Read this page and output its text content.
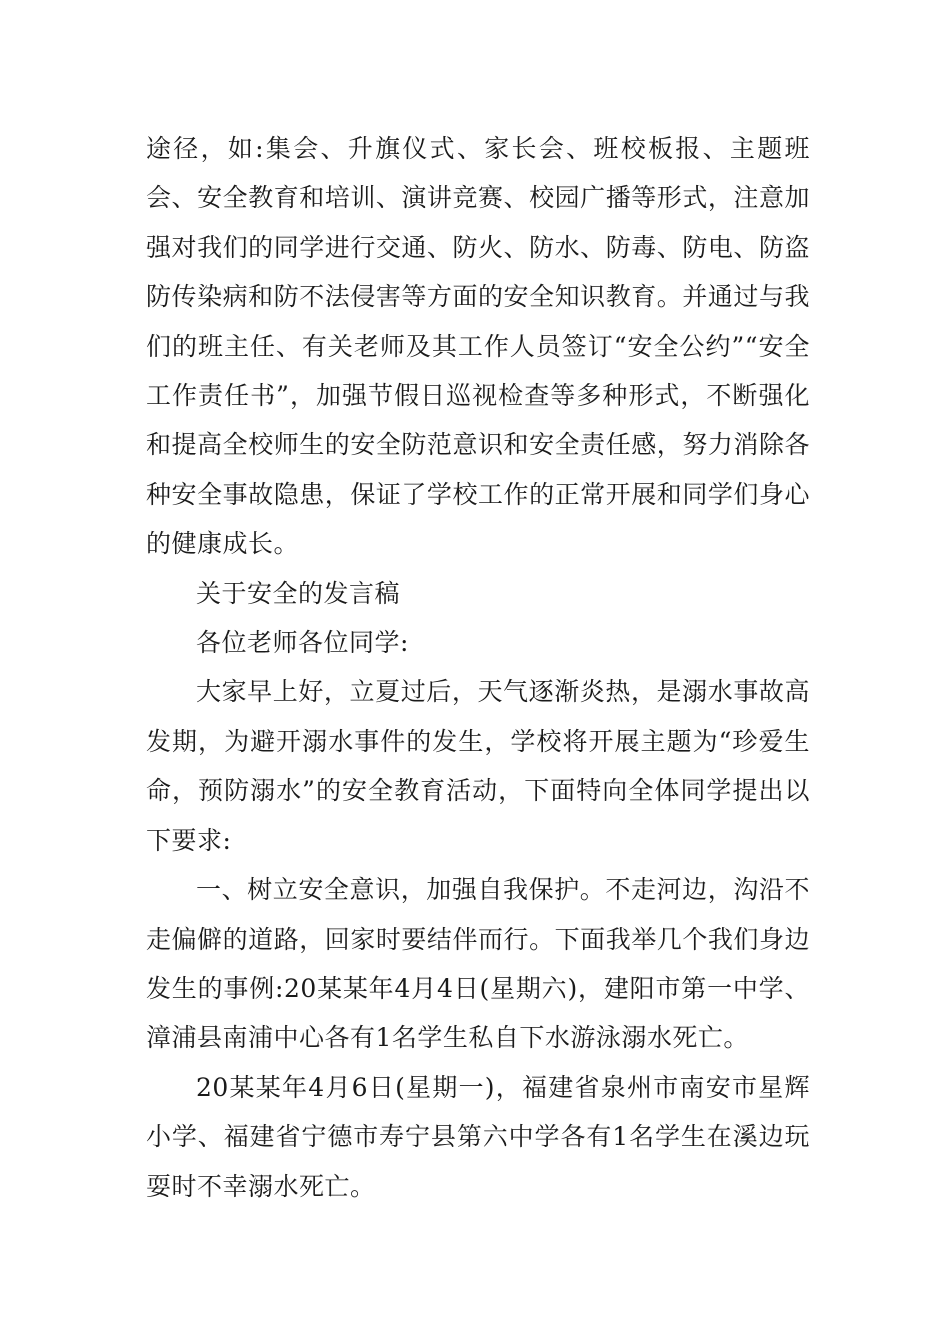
途径，如:集会、升旗仪式、家长会、班校板报、主题班会、安全教育和培训、演讲竞赛、校园广播等形式，注意加强对我们的同学进行交通、防火、防水、防毒、防电、防盗防传染病和防不法侵害等方面的安全知识教育。并通过与我们的班主任、有关老师及其工作人员签订“安全公约”“安全工作责任书”，加强节假日巡视检查等多种形式，不断强化和提高全校师生的安全防范意识和安全责任感，努力消除各种安全事故隐患，保证了学校工作的正常开展和同学们身心的健康成长。

关于安全的发言稿

各位老师各位同学:

大家早上好，立夏过后，天气逐渐炎热，是溺水事故高发期，为避开溺水事件的发生，学校将开展主题为“珍爱生命，预防溺水”的安全教育活动，下面特向全体同学提出以下要求:

一、树立安全意识，加强自我保护。不走河边，沟沿不走偏僻的道路，回家时要结伴而行。下面我举几个我们身边发生的事例:20某某年4月4日(星期六)，建阳市第一中学、漳浦县南浦中心各有1名学生私自下水游泳溺水死亡。

20某某年4月6日(星期一)，福建省泉州市南安市星辉小学、福建省宁德市寿宁县第六中学各有1名学生在溪边玩耍时不幸溺水死亡。
